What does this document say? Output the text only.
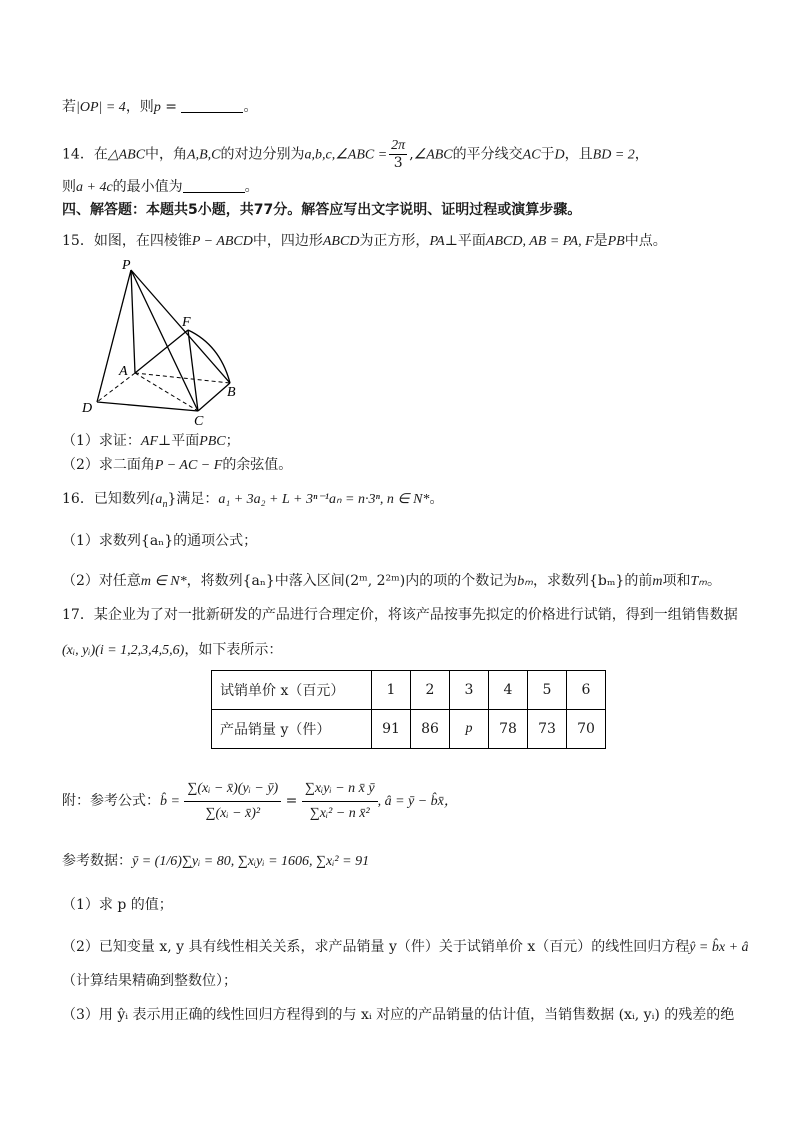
若|OP| = 4，则p =	。
14．在△ABC中，角A,B,C的对边分别为a,b,c,∠ABC = $\frac{2\pi}{3}$ ,∠ABC的平分线交AC于D，且BD = 2，
则a + 4c的最小值为	。
四、解答题：本题共5小题，共77分。解答应写出文字说明、证明过程或演算步骤。
15．如图，在四棱锥P − ABCD中，四边形ABCD为正方形，PA⊥平面ABCD, AB = PA, F是PB中点。
P
F
A
B
D
C
（1）求证：AF⊥平面PBC；
（2）求二面角P − AC − F的余弦值。
16．已知数列$\{a_n\}$满足：a₁ + 3a₂ + L + 3ⁿ⁻¹aₙ = n·3ⁿ, n ∈ N*。
（1）求数列{aₙ}的通项公式；
（2）对任意m ∈ N*，将数列{aₙ}中落入区间(2ᵐ, 2²ᵐ)内的项的个数记为bₘ，求数列{bₘ}的前m项和Tₘ。
17．某企业为了对一批新研发的产品进行合理定价，将该产品按事先拟定的价格进行试销，得到一组销售数据
(xᵢ, yᵢ)(i = 1,2,3,4,5,6)，如下表所示：
试销单价 x（百元）	1	2	3	4	5	6
产品销量 y（件）	91	86	p	78	73	70
附：参考公式：b̂ = $\frac{\text{∑(xᵢ − x̄)(yᵢ − ȳ)}}{\text{∑(xᵢ − x̄)²}} = \frac{\text{∑xᵢyᵢ − n x̄ ȳ}}{\text{∑xᵢ² − n x̄²}}$ , â = ȳ − b̂x̄，
参考数据：ȳ = (1/6)∑yᵢ = 80, ∑xᵢyᵢ = 1606, ∑xᵢ² = 91
（1）求 p 的值；
（2）已知变量 x, y 具有线性相关关系，求产品销量 y（件）关于试销单价 x（百元）的线性回归方程ŷ = b̂x + â
（计算结果精确到整数位）；
（3）用 ŷᵢ 表示用正确的线性回归方程得到的与 xᵢ 对应的产品销量的估计值，当销售数据 (xᵢ, yᵢ) 的残差的绝
